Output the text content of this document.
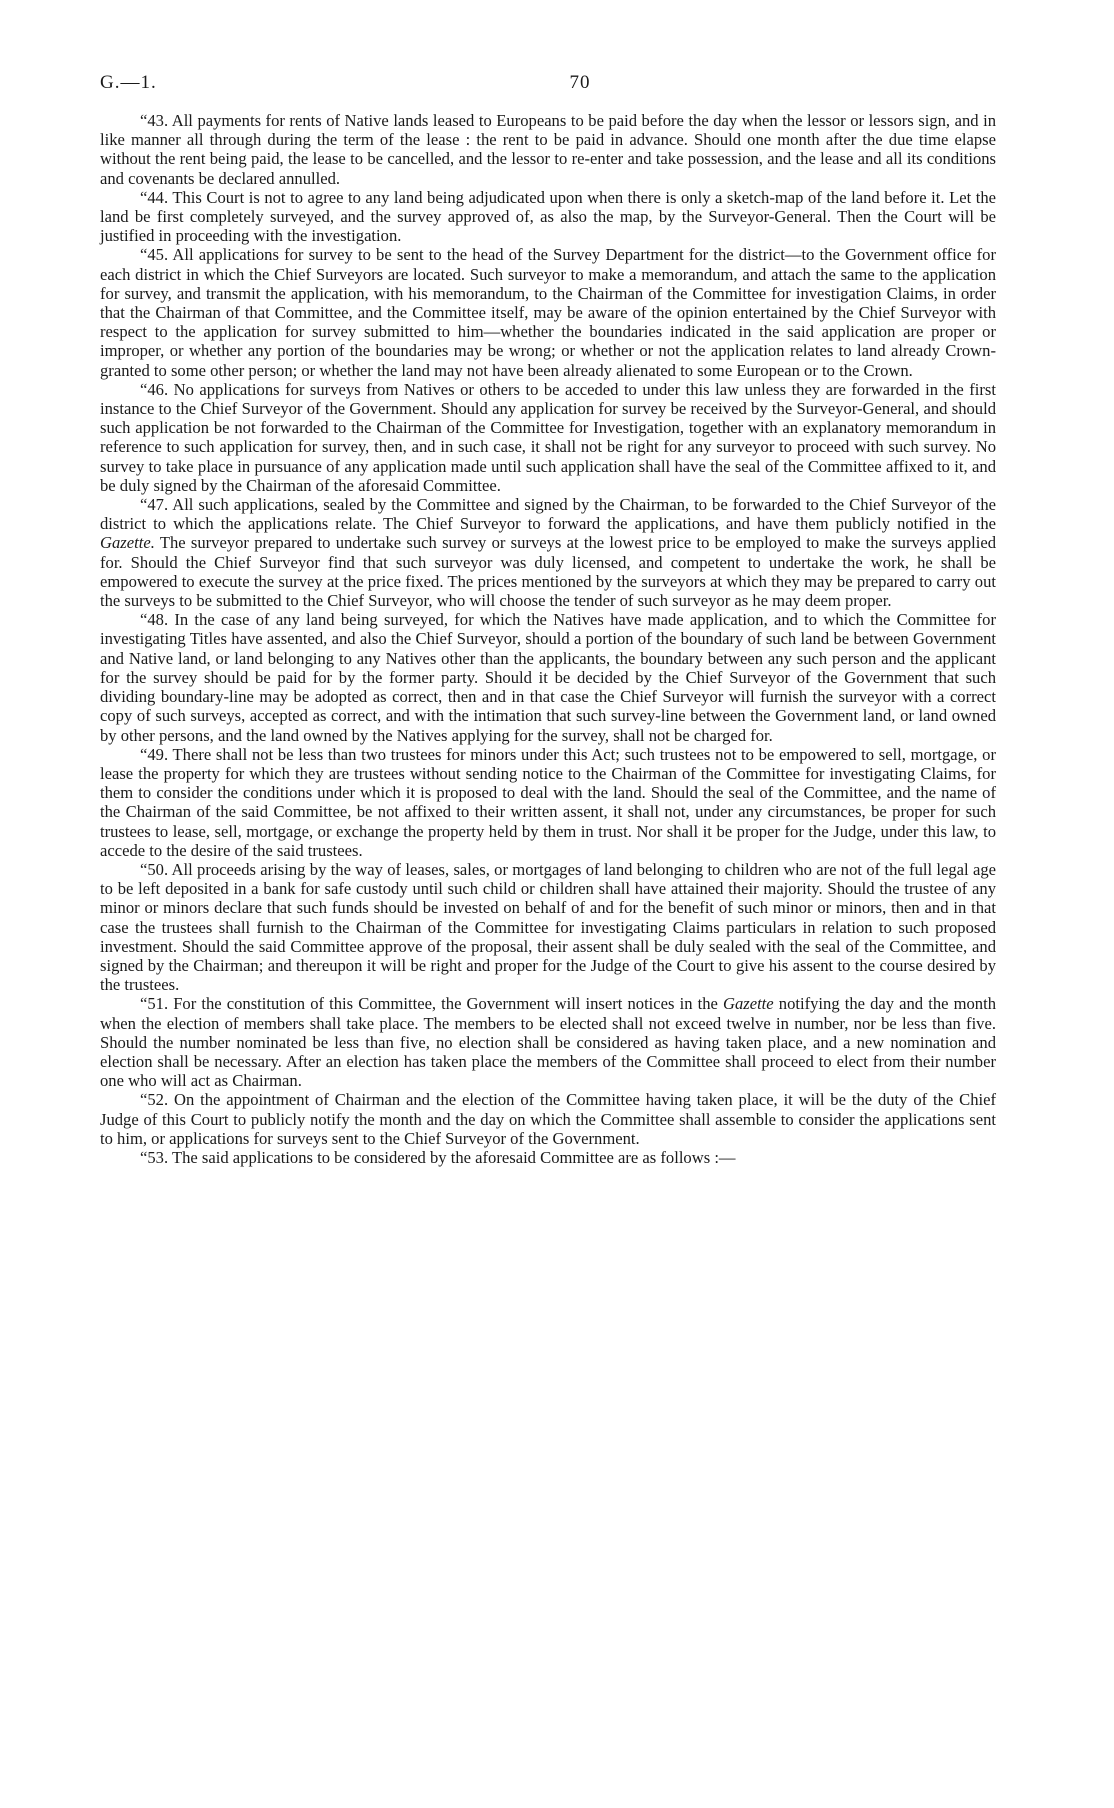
G.—1.	70

“43. All payments for rents of Native lands leased to Europeans to be paid before the day when the lessor or lessors sign, and in like manner all through during the term of the lease : the rent to be paid in advance. Should one month after the due time elapse without the rent being paid, the lease to be cancelled, and the lessor to re-enter and take possession, and the lease and all its conditions and covenants be declared annulled.

“44. This Court is not to agree to any land being adjudicated upon when there is only a sketch-map of the land before it. Let the land be first completely surveyed, and the survey approved of, as also the map, by the Surveyor-General. Then the Court will be justified in proceeding with the investigation.

“45. All applications for survey to be sent to the head of the Survey Department for the district—to the Government office for each district in which the Chief Surveyors are located. Such surveyor to make a memorandum, and attach the same to the application for survey, and transmit the application, with his memorandum, to the Chairman of the Committee for investigation Claims, in order that the Chairman of that Committee, and the Committee itself, may be aware of the opinion entertained by the Chief Surveyor with respect to the application for survey submitted to him—whether the boundaries indicated in the said application are proper or improper, or whether any portion of the boundaries may be wrong; or whether or not the application relates to land already Crown-granted to some other person; or whether the land may not have been already alienated to some European or to the Crown.

“46. No applications for surveys from Natives or others to be acceded to under this law unless they are forwarded in the first instance to the Chief Surveyor of the Government. Should any application for survey be received by the Surveyor-General, and should such application be not forwarded to the Chairman of the Committee for Investigation, together with an explanatory memorandum in reference to such application for survey, then, and in such case, it shall not be right for any surveyor to proceed with such survey. No survey to take place in pursuance of any application made until such application shall have the seal of the Committee affixed to it, and be duly signed by the Chairman of the aforesaid Committee.

“47. All such applications, sealed by the Committee and signed by the Chairman, to be forwarded to the Chief Surveyor of the district to which the applications relate. The Chief Surveyor to forward the applications, and have them publicly notified in the Gazette. The surveyor prepared to undertake such survey or surveys at the lowest price to be employed to make the surveys applied for. Should the Chief Surveyor find that such surveyor was duly licensed, and competent to undertake the work, he shall be empowered to execute the survey at the price fixed. The prices mentioned by the surveyors at which they may be prepared to carry out the surveys to be submitted to the Chief Surveyor, who will choose the tender of such surveyor as he may deem proper.

“48. In the case of any land being surveyed, for which the Natives have made application, and to which the Committee for investigating Titles have assented, and also the Chief Surveyor, should a portion of the boundary of such land be between Government and Native land, or land belonging to any Natives other than the applicants, the boundary between any such person and the applicant for the survey should be paid for by the former party. Should it be decided by the Chief Surveyor of the Government that such dividing boundary-line may be adopted as correct, then and in that case the Chief Surveyor will furnish the surveyor with a correct copy of such surveys, accepted as correct, and with the intimation that such survey-line between the Government land, or land owned by other persons, and the land owned by the Natives applying for the survey, shall not be charged for.

“49. There shall not be less than two trustees for minors under this Act; such trustees not to be empowered to sell, mortgage, or lease the property for which they are trustees without sending notice to the Chairman of the Committee for investigating Claims, for them to consider the conditions under which it is proposed to deal with the land. Should the seal of the Committee, and the name of the Chairman of the said Committee, be not affixed to their written assent, it shall not, under any circumstances, be proper for such trustees to lease, sell, mortgage, or exchange the property held by them in trust. Nor shall it be proper for the Judge, under this law, to accede to the desire of the said trustees.

“50. All proceeds arising by the way of leases, sales, or mortgages of land belonging to children who are not of the full legal age to be left deposited in a bank for safe custody until such child or children shall have attained their majority. Should the trustee of any minor or minors declare that such funds should be invested on behalf of and for the benefit of such minor or minors, then and in that case the trustees shall furnish to the Chairman of the Committee for investigating Claims particulars in relation to such proposed investment. Should the said Committee approve of the proposal, their assent shall be duly sealed with the seal of the Committee, and signed by the Chairman; and thereupon it will be right and proper for the Judge of the Court to give his assent to the course desired by the trustees.

“51. For the constitution of this Committee, the Government will insert notices in the Gazette notifying the day and the month when the election of members shall take place. The members to be elected shall not exceed twelve in number, nor be less than five. Should the number nominated be less than five, no election shall be considered as having taken place, and a new nomination and election shall be necessary. After an election has taken place the members of the Committee shall proceed to elect from their number one who will act as Chairman.

“52. On the appointment of Chairman and the election of the Committee having taken place, it will be the duty of the Chief Judge of this Court to publicly notify the month and the day on which the Committee shall assemble to consider the applications sent to him, or applications for surveys sent to the Chief Surveyor of the Government.

“53. The said applications to be considered by the aforesaid Committee are as follows :—
